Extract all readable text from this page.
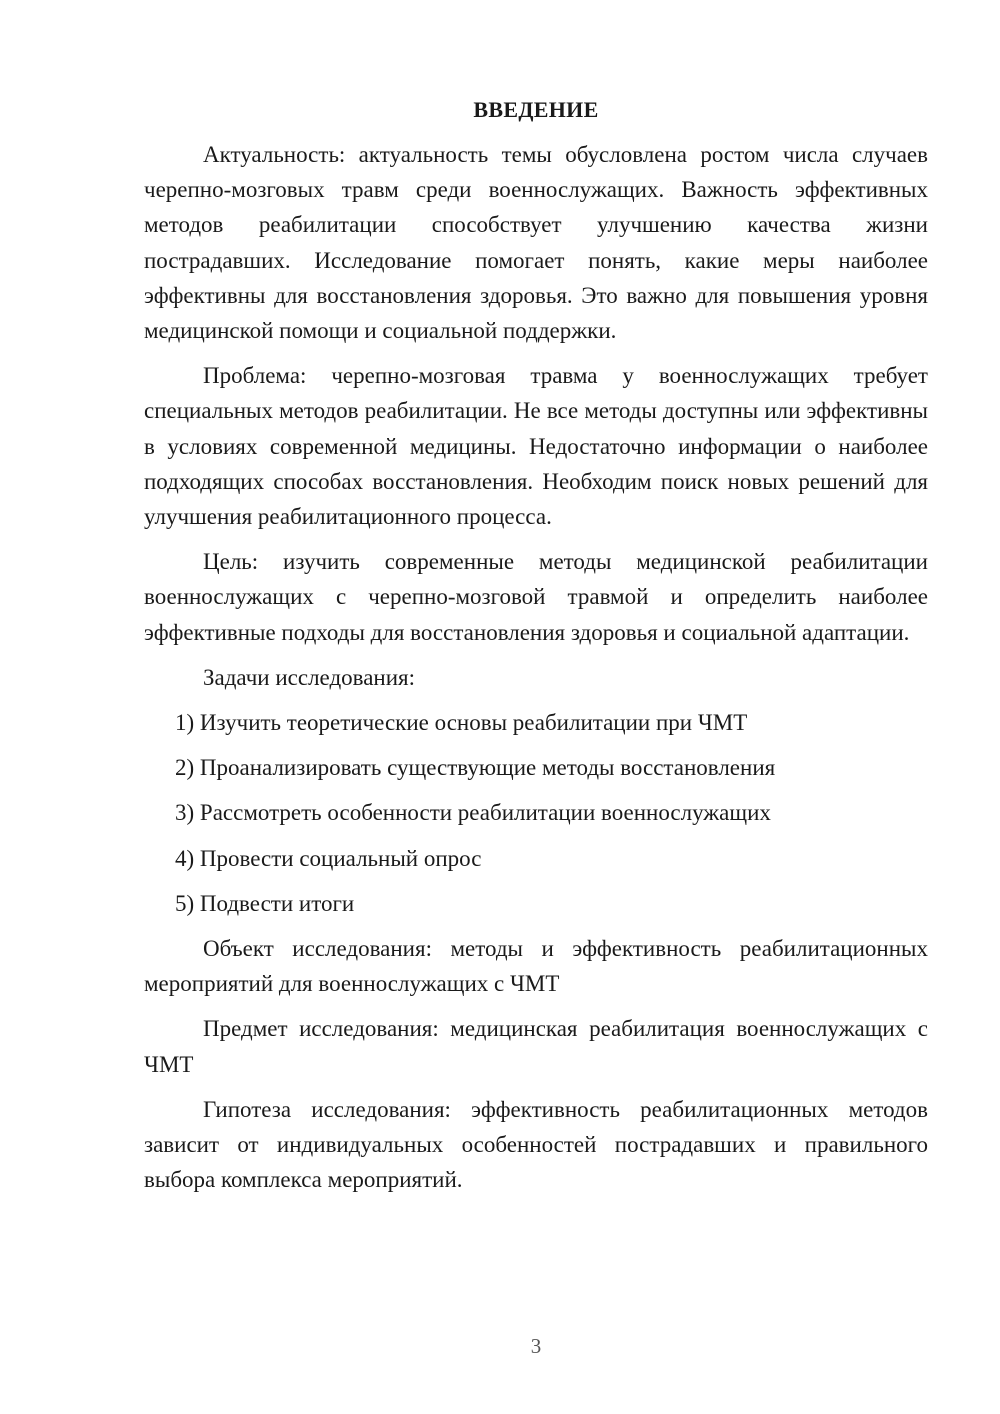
ВВЕДЕНИЕ

Актуальность: актуальность темы обусловлена ростом числа случаев черепно-мозговых травм среди военнослужащих. Важность эффективных методов реабилитации способствует улучшению качества жизни пострадавших. Исследование помогает понять, какие меры наиболее эффективны для восстановления здоровья. Это важно для повышения уровня медицинской помощи и социальной поддержки.

Проблема: черепно-мозговая травма у военнослужащих требует специальных методов реабилитации. Не все методы доступны или эффективны в условиях современной медицины. Недостаточно информации о наиболее подходящих способах восстановления. Необходим поиск новых решений для улучшения реабилитационного процесса.

Цель: изучить современные методы медицинской реабилитации военнослужащих с черепно-мозговой травмой и определить наиболее эффективные подходы для восстановления здоровья и социальной адаптации.

Задачи исследования:

1) Изучить теоретические основы реабилитации при ЧМТ
2) Проанализировать существующие методы восстановления
3) Рассмотреть особенности реабилитации военнослужащих
4) Провести социальный опрос
5) Подвести итоги

Объект исследования: методы и эффективность реабилитационных мероприятий для военнослужащих с ЧМТ

Предмет исследования: медицинская реабилитация военнослужащих с ЧМТ

Гипотеза исследования: эффективность реабилитационных методов зависит от индивидуальных особенностей пострадавших и правильного выбора комплекса мероприятий.

3
